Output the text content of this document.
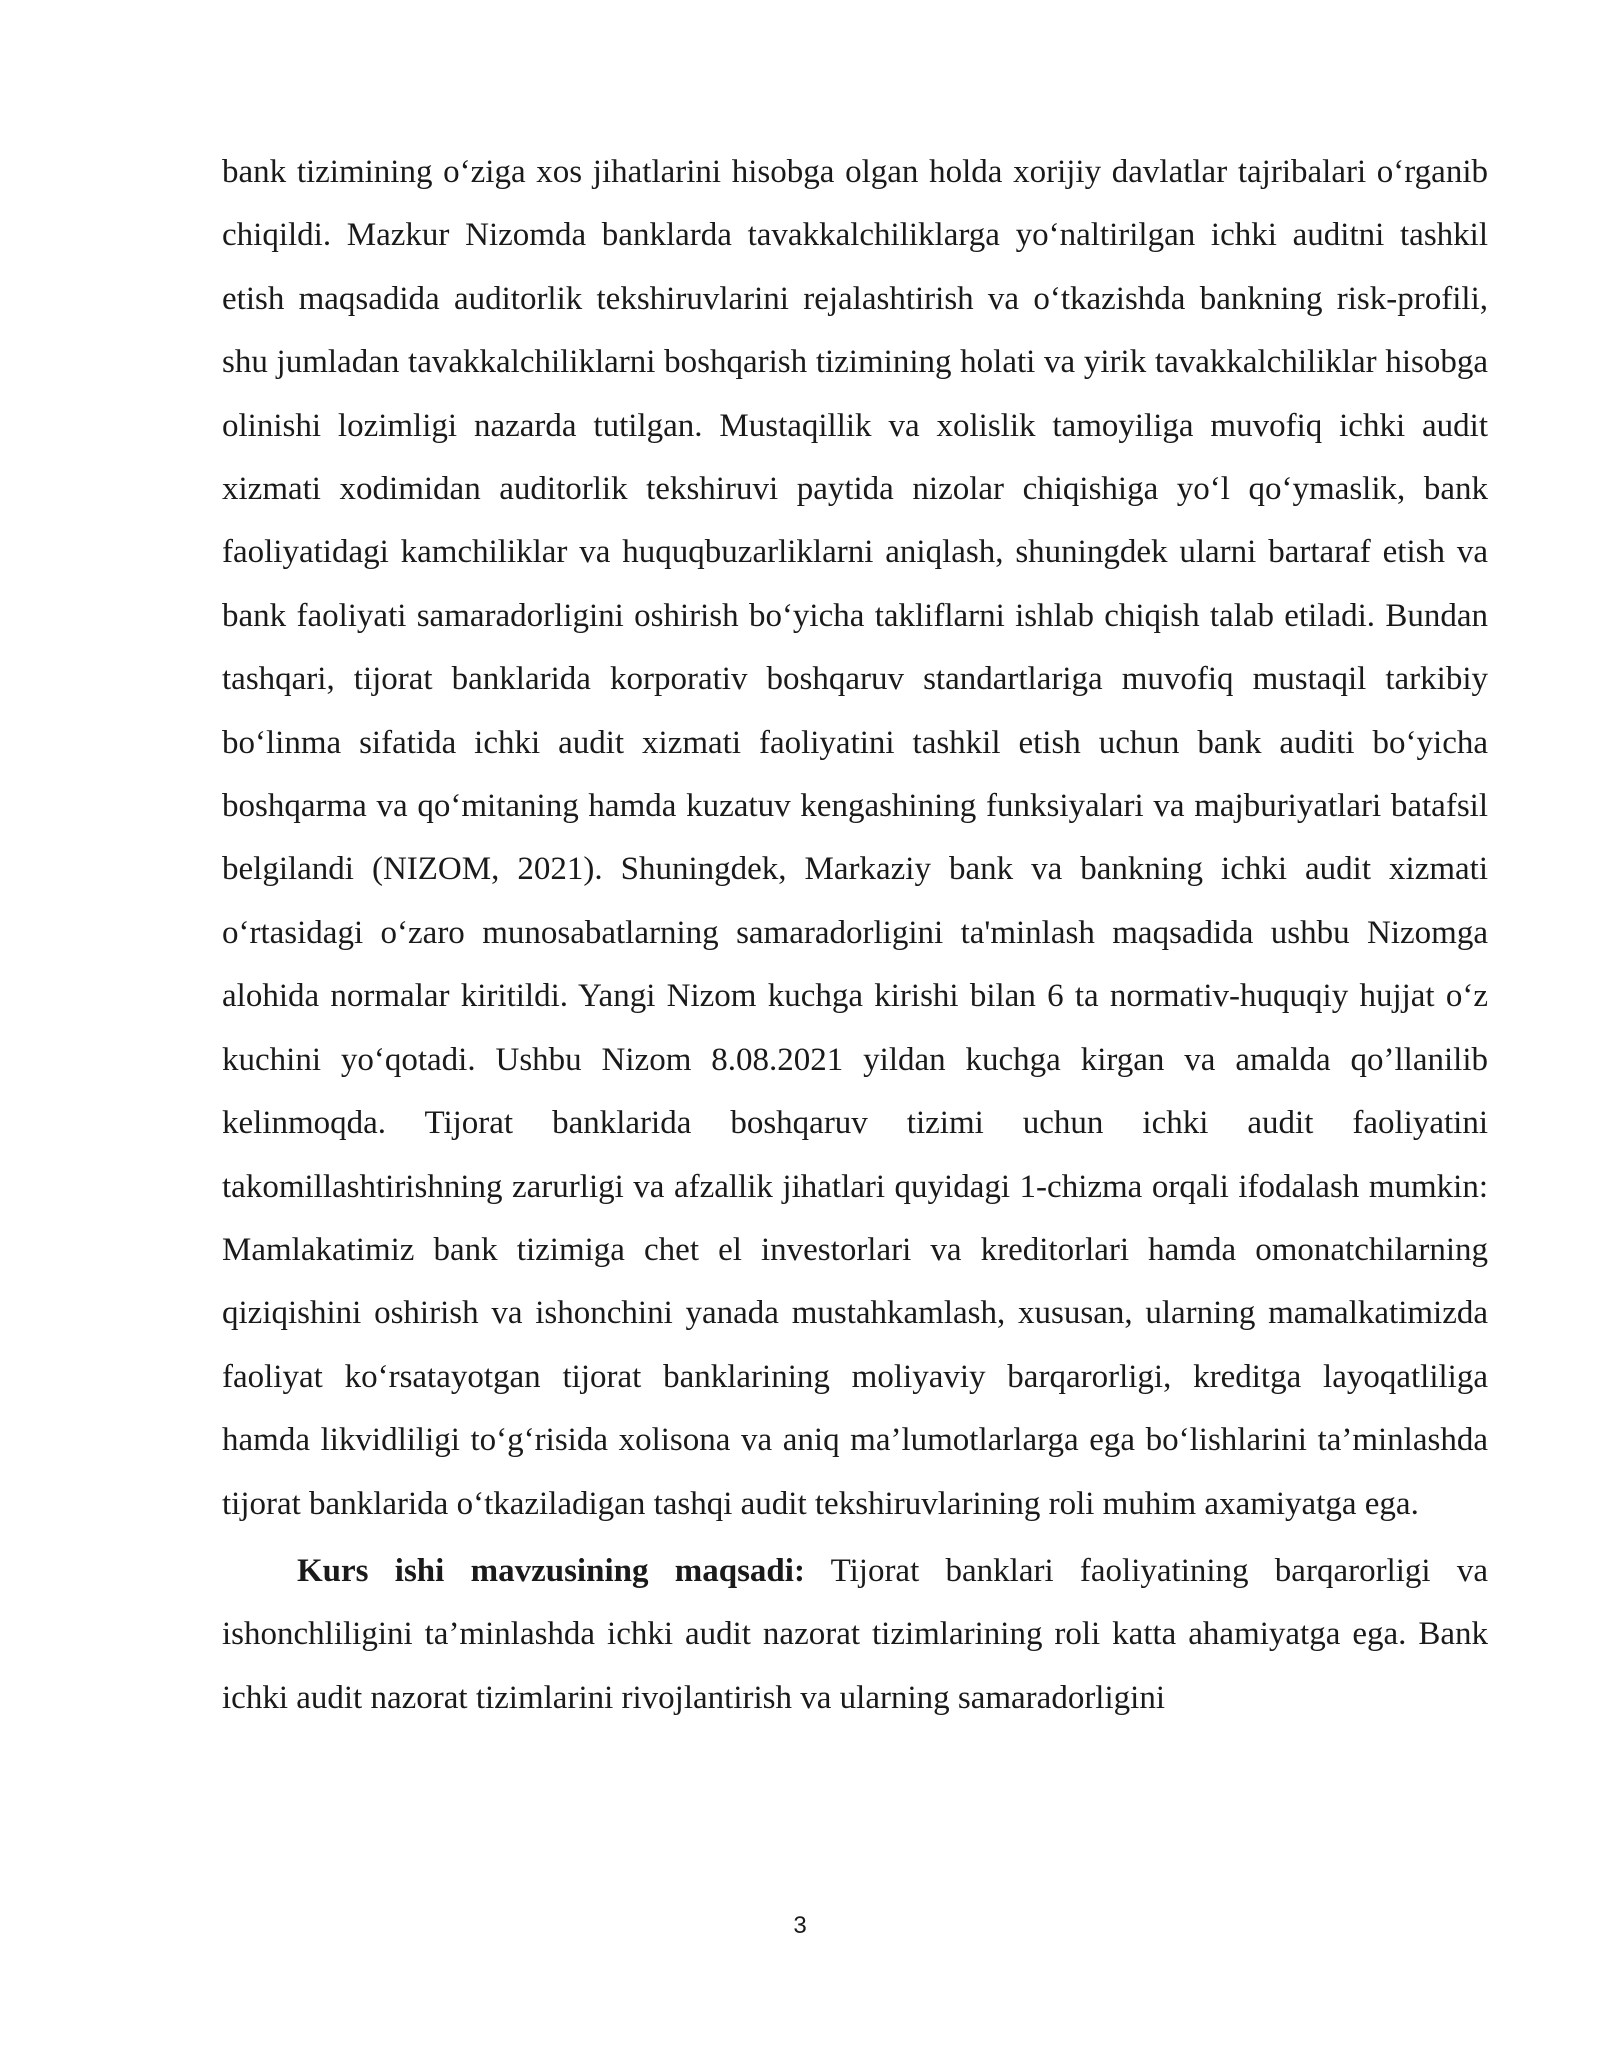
bank tizimining o‘ziga xos jihatlarini hisobga olgan holda xorijiy davlatlar tajribalari o‘rganib chiqildi. Mazkur Nizomda banklarda tavakkalchiliklarga yo‘naltirilgan ichki auditni tashkil etish maqsadida auditorlik tekshiruvlarini rejalashtirish va o‘tkazishda bankning risk-profili, shu jumladan tavakkalchiliklarni boshqarish tizimining holati va yirik tavakkalchiliklar hisobga olinishi lozimligi nazarda tutilgan. Mustaqillik va xolislik tamoyiliga muvofiq ichki audit xizmati xodimidan auditorlik tekshiruvi paytida nizolar chiqishiga yo‘l qo‘ymaslik, bank faoliyatidagi kamchiliklar va huquqbuzarliklarni aniqlash, shuningdek ularni bartaraf etish va bank faoliyati samaradorligini oshirish bo‘yicha takliflarni ishlab chiqish talab etiladi. Bundan tashqari, tijorat banklarida korporativ boshqaruv standartlariga muvofiq mustaqil tarkibiy bo‘linma sifatida ichki audit xizmati faoliyatini tashkil etish uchun bank auditi bo‘yicha boshqarma va qo‘mitaning hamda kuzatuv kengashining funksiyalari va majburiyatlari batafsil belgilandi (NIZOM, 2021). Shuningdek, Markaziy bank va bankning ichki audit xizmati o‘rtasidagi o‘zaro munosabatlarning samaradorligini ta'minlash maqsadida ushbu Nizomga alohida normalar kiritildi. Yangi Nizom kuchga kirishi bilan 6 ta normativ-huquqiy hujjat o‘z kuchini yo‘qotadi. Ushbu Nizom 8.08.2021 yildan kuchga kirgan va amalda qo’llanilib kelinmoqda. Tijorat banklarida boshqaruv tizimi uchun ichki audit faoliyatini takomillashtirishning zarurligi va afzallik jihatlari quyidagi 1-chizma orqali ifodalash mumkin: Mamlakatimiz bank tizimiga chet el investorlari va kreditorlari hamda omonatchilarning qiziqishini oshirish va ishonchini yanada mustahkamlash, xususan, ularning mamalkatimizda faoliyat ko‘rsatayotgan tijorat banklarining moliyaviy barqarorligi, kreditga layoqatliliga hamda likvidliligi to‘g‘risida xolisona va aniq ma’lumotlarlarga ega bo‘lishlarini ta’minlashda tijorat banklarida o‘tkaziladigan tashqi audit tekshiruvlarining roli muhim axamiyatga ega.

Kurs ishi mavzusining maqsadi: Tijorat banklari faoliyatining barqarorligi va ishonchliligini ta’minlashda ichki audit nazorat tizimlarining roli katta ahamiyatga ega. Bank ichki audit nazorat tizimlarini rivojlantirish va ularning samaradorligini

3
